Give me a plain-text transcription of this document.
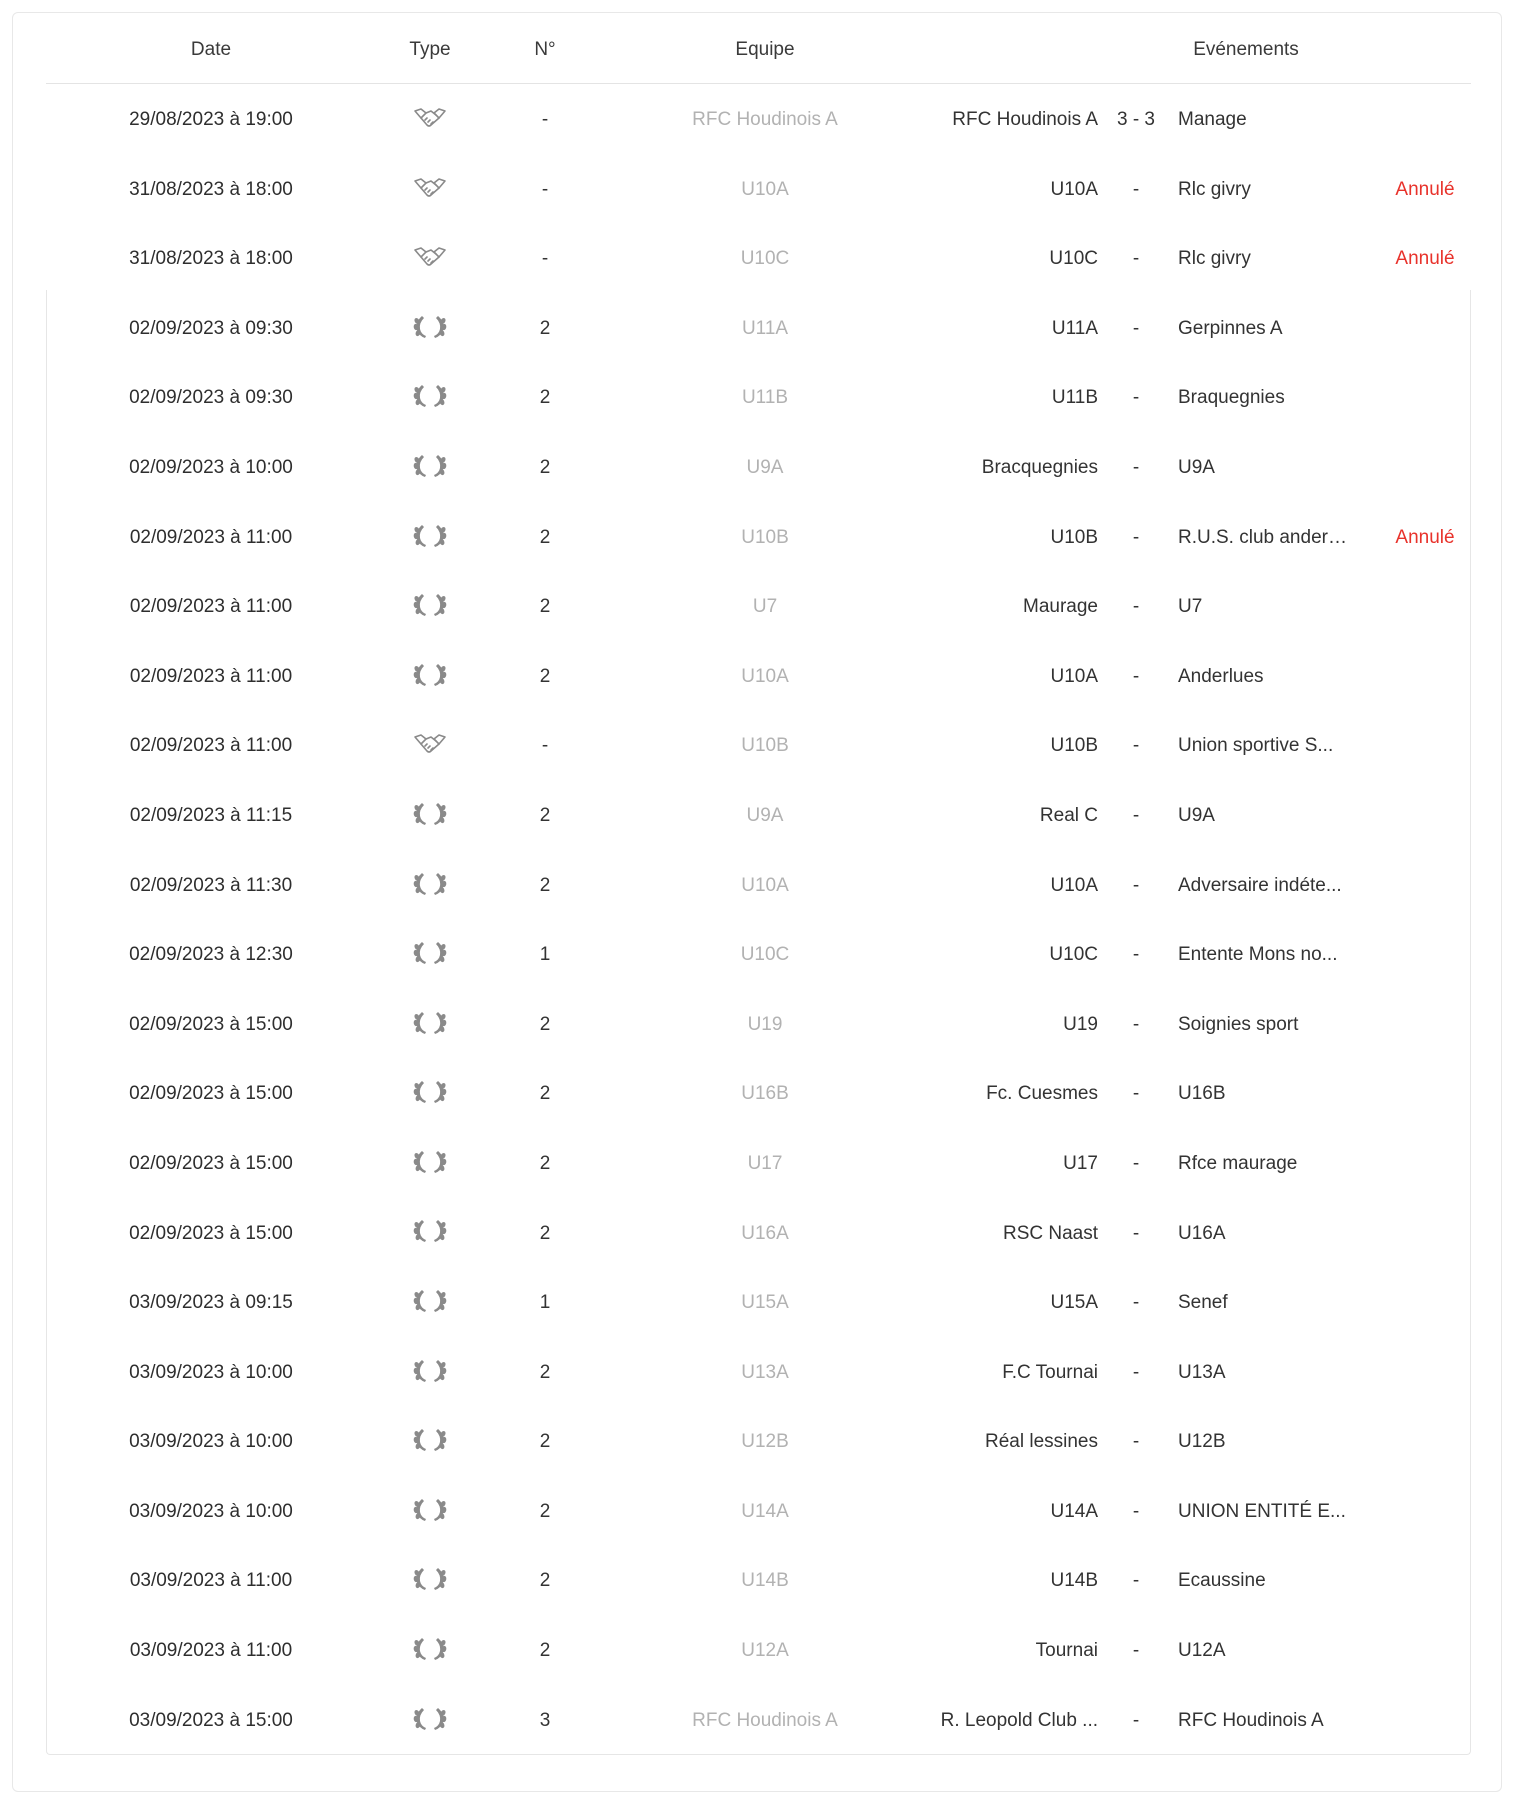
Date	Type	N°	Equipe	Evénements
29/08/2023 à 19:00	-	RFC Houdinois A	RFC Houdinois A 3 - 3	Manage
31/08/2023 à 18:00	-	U10A	U10A	-	Rlc givry	Annulé
31/08/2023 à 18:00	-	U10C	U10C	-	Rlc givry	Annulé
02/09/2023 à 09:30	2	U11A	U11A	-	Gerpinnes A
02/09/2023 à 09:30	2	U11B	U11B	-	Braquegnies
02/09/2023 à 10:00	2	U9A	Bracquegnies	-	U9A
02/09/2023 à 11:00	2	U10B	U10B	-	R.U.S. club anderl...	Annulé
02/09/2023 à 11:00	2	U7	Maurage	-	U7
02/09/2023 à 11:00	2	U10A	U10A	-	Anderlues
02/09/2023 à 11:00	-	U10B	U10B	-	Union sportive S...
02/09/2023 à 11:15	2	U9A	Real C	-	U9A
02/09/2023 à 11:30	2	U10A	U10A	-	Adversaire indéte...
02/09/2023 à 12:30	1	U10C	U10C	-	Entente Mons no...
02/09/2023 à 15:00	2	U19	U19	-	Soignies sport
02/09/2023 à 15:00	2	U16B	Fc. Cuesmes	-	U16B
02/09/2023 à 15:00	2	U17	U17	-	Rfce maurage
02/09/2023 à 15:00	2	U16A	RSC Naast	-	U16A
03/09/2023 à 09:15	1	U15A	U15A	-	Senef
03/09/2023 à 10:00	2	U13A	F.C Tournai	-	U13A
03/09/2023 à 10:00	2	U12B	Réal lessines	-	U12B
03/09/2023 à 10:00	2	U14A	U14A	-	UNION ENTITÉ E...
03/09/2023 à 11:00	2	U14B	U14B	-	Ecaussine
03/09/2023 à 11:00	2	U12A	Tournai	-	U12A
03/09/2023 à 15:00	3	RFC Houdinois A	R. Leopold Club ...	-	RFC Houdinois A
